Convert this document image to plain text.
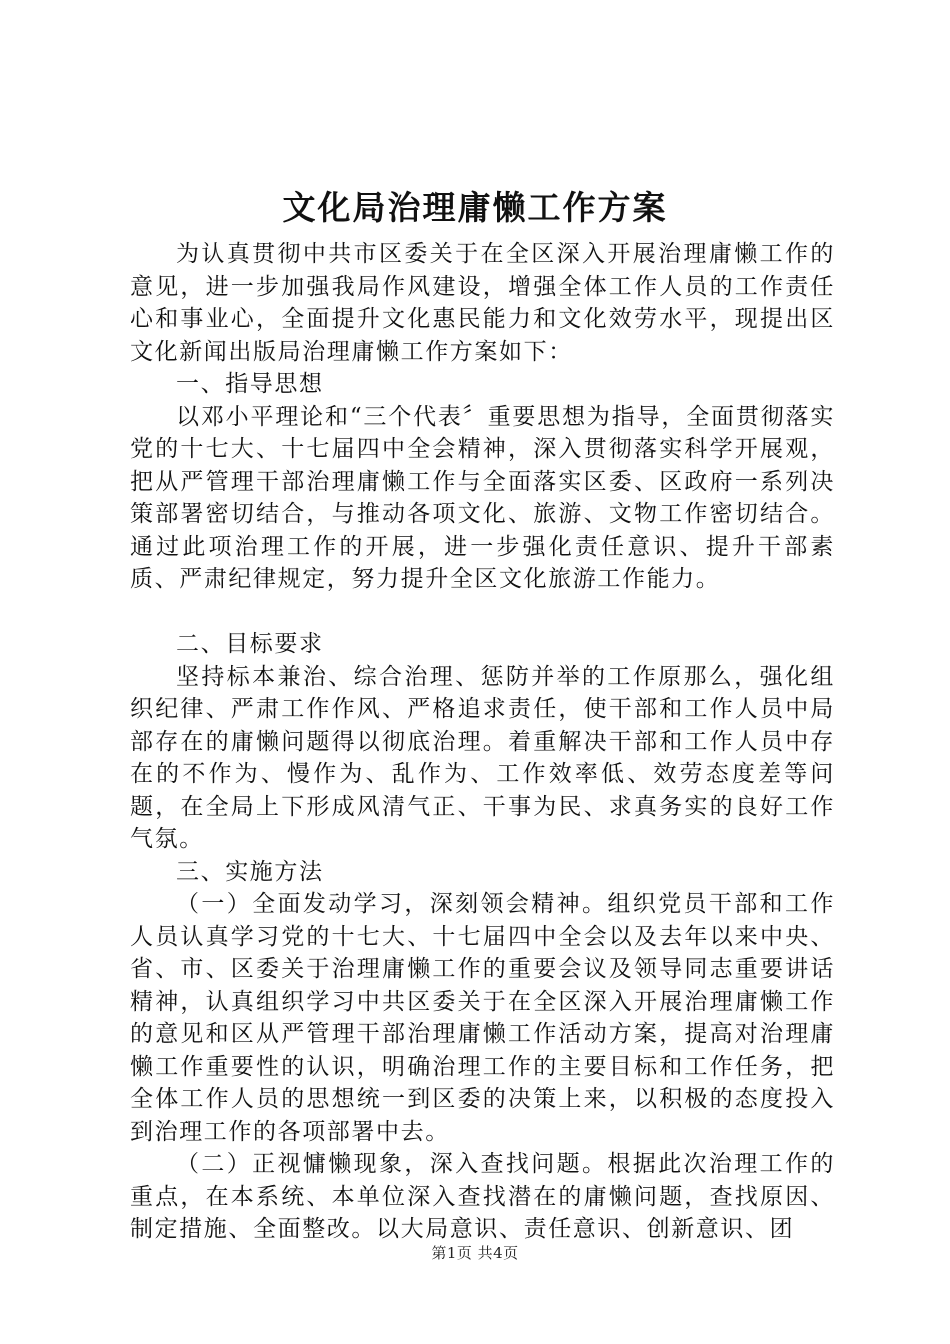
文化局治理庸懒工作方案

为认真贯彻中共市区委关于在全区深入开展治理庸懒工作的意见，进一步加强我局作风建设，增强全体工作人员的工作责任心和事业心，全面提升文化惠民能力和文化效劳水平，现提出区文化新闻出版局治理庸懒工作方案如下：

一、指导思想

以邓小平理论和“三个代表〞重要思想为指导，全面贯彻落实党的十七大、十七届四中全会精神，深入贯彻落实科学开展观，把从严管理干部治理庸懒工作与全面落实区委、区政府一系列决策部署密切结合，与推动各项文化、旅游、文物工作密切结合。通过此项治理工作的开展，进一步强化责任意识、提升干部素质、严肃纪律规定，努力提升全区文化旅游工作能力。

二、目标要求

坚持标本兼治、综合治理、惩防并举的工作原那么，强化组织纪律、严肃工作作风、严格追求责任，使干部和工作人员中局部存在的庸懒问题得以彻底治理。着重解决干部和工作人员中存在的不作为、慢作为、乱作为、工作效率低、效劳态度差等问题，在全局上下形成风清气正、干事为民、求真务实的良好工作气氛。

三、实施方法

（一）全面发动学习，深刻领会精神。组织党员干部和工作人员认真学习党的十七大、十七届四中全会以及去年以来中央、省、市、区委关于治理庸懒工作的重要会议及领导同志重要讲话精神，认真组织学习中共区委关于在全区深入开展治理庸懒工作的意见和区从严管理干部治理庸懒工作活动方案，提高对治理庸懒工作重要性的认识，明确治理工作的主要目标和工作任务，把全体工作人员的思想统一到区委的决策上来，以积极的态度投入到治理工作的各项部署中去。

（二）正视慵懒现象，深入查找问题。根据此次治理工作的重点，在本系统、本单位深入查找潜在的庸懒问题，查找原因、制定措施、全面整改。以大局意识、责任意识、创新意识、团

第1页 共4页
